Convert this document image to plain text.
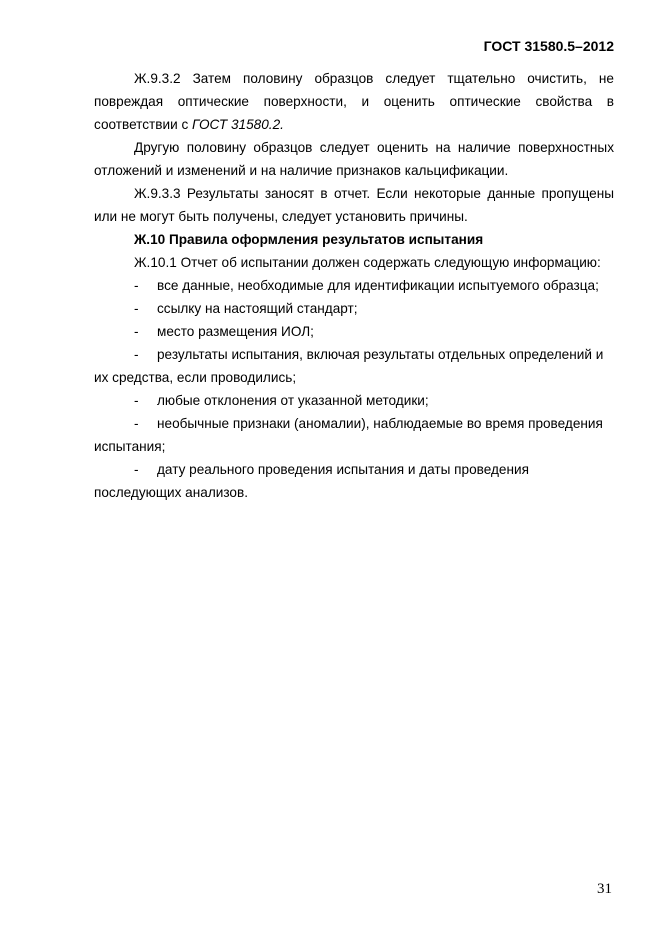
ГОСТ 31580.5–2012

Ж.9.3.2 Затем половину образцов следует тщательно очистить, не повреждая оптические поверхности, и оценить оптические свойства в соответствии с ГОСТ 31580.2.

Другую половину образцов следует оценить на наличие поверхностных отложений и изменений и на наличие признаков кальцификации.

Ж.9.3.3 Результаты заносят в отчет. Если некоторые данные пропущены или не могут быть получены, следует установить причины.

Ж.10 Правила оформления результатов испытания

Ж.10.1 Отчет об испытании должен содержать следующую информацию:

- все данные, необходимые для идентификации испытуемого образца;

- ссылку на настоящий стандарт;

- место размещения ИОЛ;

- результаты испытания, включая результаты отдельных определений и их средства, если проводились;

- любые отклонения от указанной методики;

- необычные признаки (аномалии), наблюдаемые во время проведения испытания;

- дату реального проведения испытания и даты проведения последующих анализов.

31
